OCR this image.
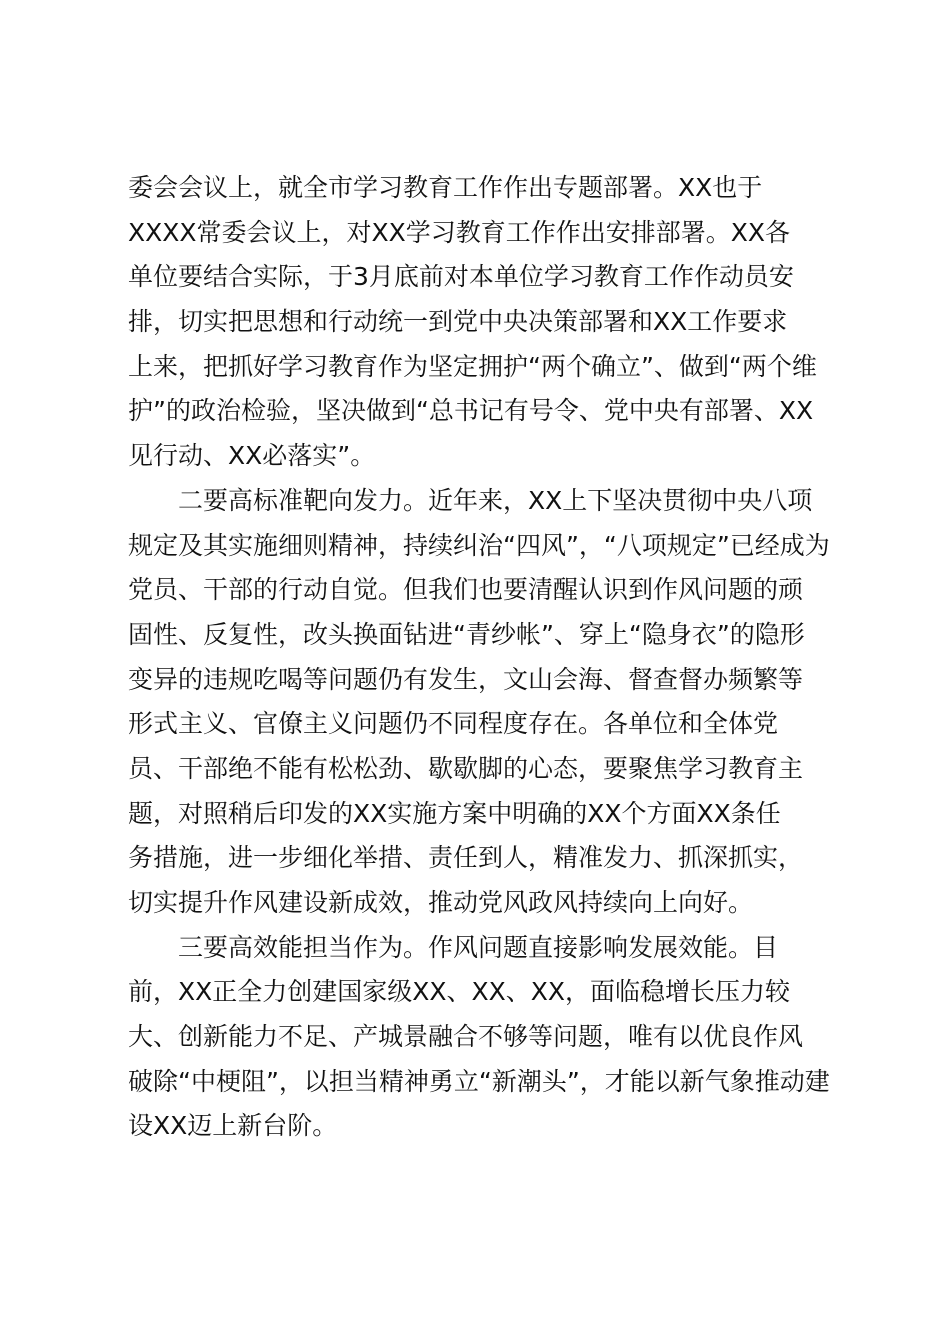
委会会议上，就全市学习教育工作作出专题部署。XX也于
XXXX常委会议上，对XX学习教育工作作出安排部署。XX各
单位要结合实际，于3月底前对本单位学习教育工作作动员安
排，切实把思想和行动统一到党中央决策部署和XX工作要求
上来，把抓好学习教育作为坚定拥护“两个确立”、做到“两个维
护”的政治检验，坚决做到“总书记有号令、党中央有部署、XX
见行动、XX必落实”。
　　二要高标准靶向发力。近年来，XX上下坚决贯彻中央八项
规定及其实施细则精神，持续纠治“四风”，“八项规定”已经成为
党员、干部的行动自觉。但我们也要清醒认识到作风问题的顽
固性、反复性，改头换面钻进“青纱帐”、穿上“隐身衣”的隐形
变异的违规吃喝等问题仍有发生，文山会海、督查督办频繁等
形式主义、官僚主义问题仍不同程度存在。各单位和全体党
员、干部绝不能有松松劲、歇歇脚的心态，要聚焦学习教育主
题，对照稍后印发的XX实施方案中明确的XX个方面XX条任
务措施，进一步细化举措、责任到人，精准发力、抓深抓实，
切实提升作风建设新成效，推动党风政风持续向上向好。
　　三要高效能担当作为。作风问题直接影响发展效能。目
前，XX正全力创建国家级XX、XX、XX，面临稳增长压力较
大、创新能力不足、产城景融合不够等问题，唯有以优良作风
破除“中梗阻”，以担当精神勇立“新潮头”，才能以新气象推动建
设XX迈上新台阶。
